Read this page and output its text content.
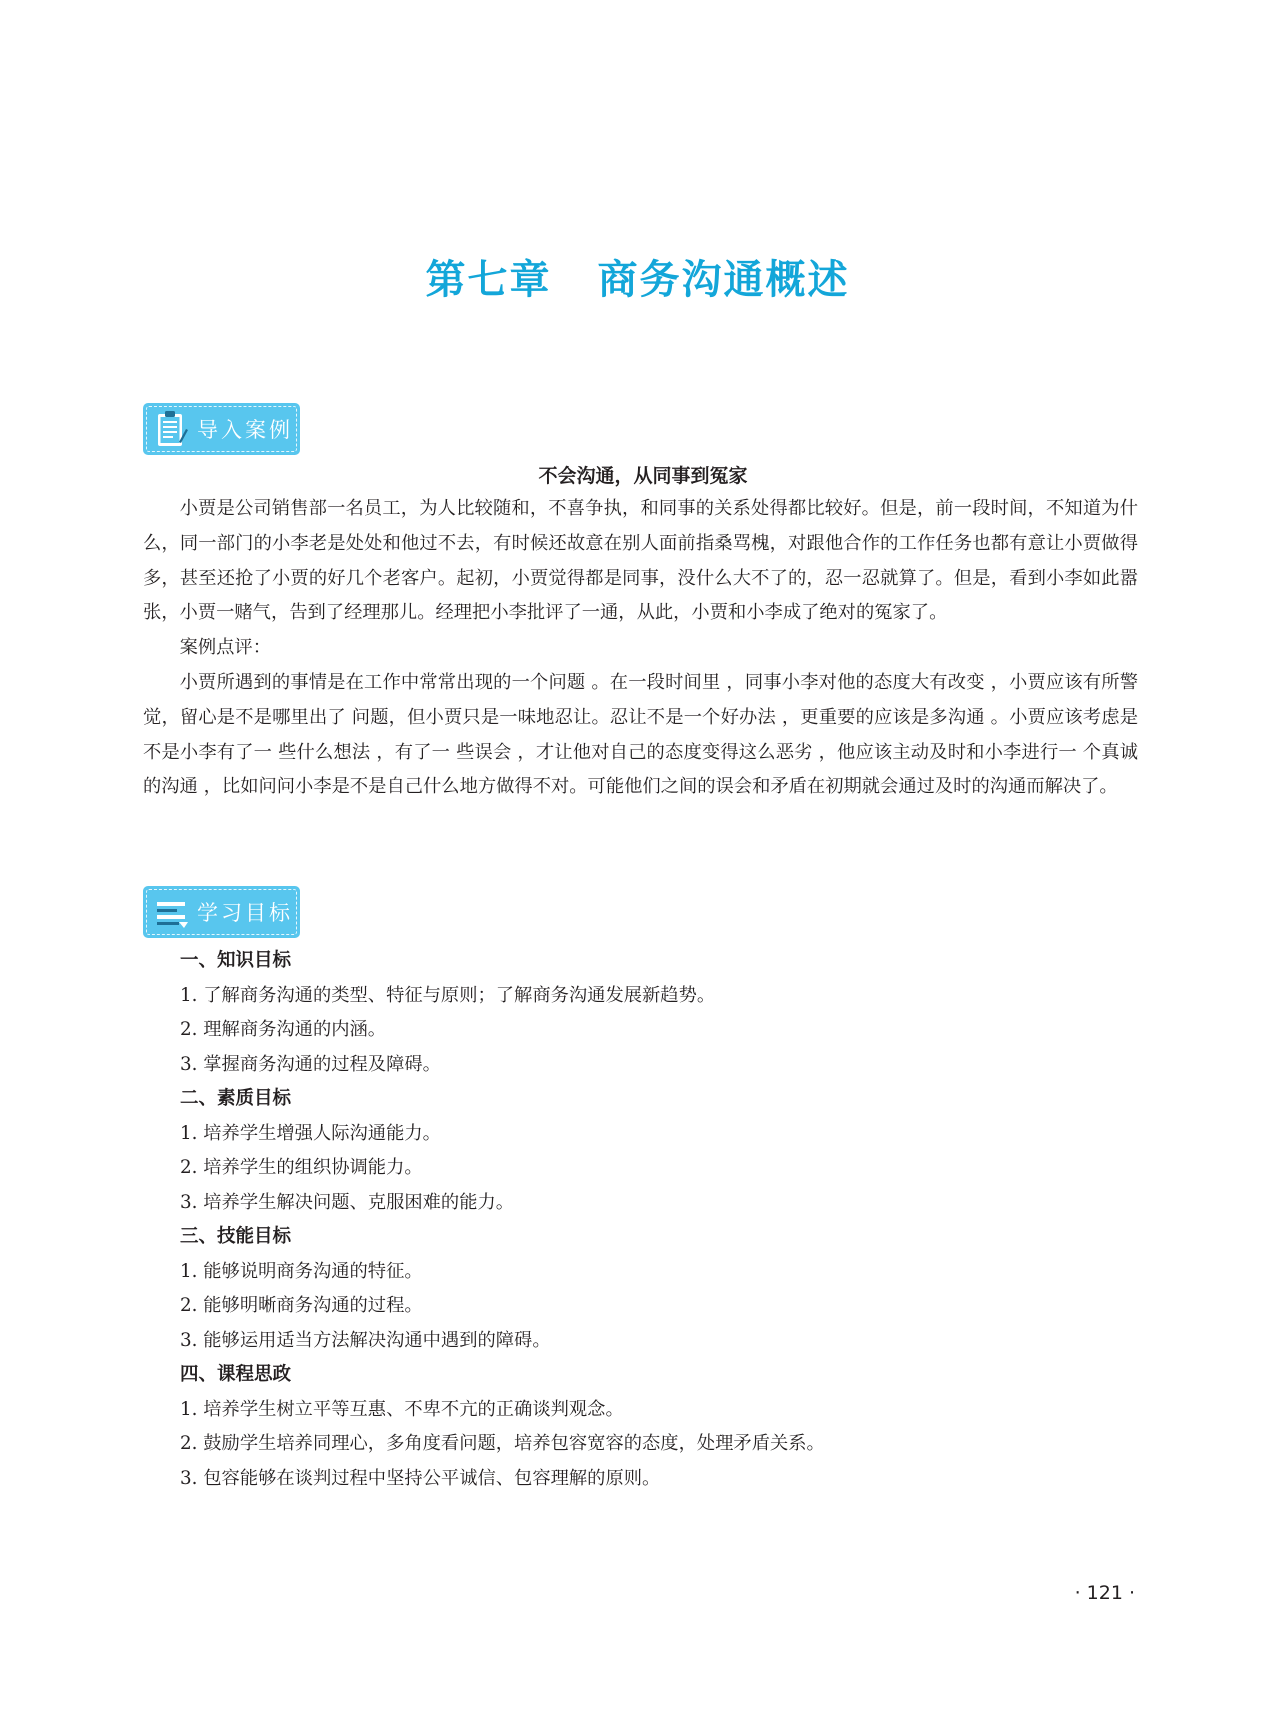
第七章 商务沟通概述
导入案例
不会沟通，从同事到冤家

小贾是公司销售部一名员工，为人比较随和，不喜争执，和同事的关系处得都比较好。但是，前一段时间，不知道为什么，同一部门的小李老是处处和他过不去，有时候还故意在别人面前指桑骂槐，对跟他合作的工作任务也都有意让小贾做得多，甚至还抢了小贾的好几个老客户。起初，小贾觉得都是同事，没什么大不了的，忍一忍就算了。但是，看到小李如此嚣张，小贾一赌气，告到了经理那儿。经理把小李批评了一通，从此，小贾和小李成了绝对的冤家了。

案例点评：

小贾所遇到的事情是在工作中常常出现的一个问题 。在一段时间里 ，同事小李对他的态度大有改变 ，小贾应该有所警觉，留心是不是哪里出了 问题，但小贾只是一味地忍让。忍让不是一个好办法 ，更重要的应该是多沟通 。小贾应该考虑是不是小李有了一 些什么想法 ，有了一 些误会 ，才让他对自己的态度变得这么恶劣 ，他应该主动及时和小李进行一 个真诚的沟通 ，比如问问小李是不是自己什么地方做得不对。可能他们之间的误会和矛盾在初期就会通过及时的沟通而解决了。

学习目标
一、知识目标
1. 了解商务沟通的类型、特征与原则；了解商务沟通发展新趋势。
2. 理解商务沟通的内涵。
3. 掌握商务沟通的过程及障碍。
二、素质目标
1. 培养学生增强人际沟通能力。
2. 培养学生的组织协调能力。
3. 培养学生解决问题、克服困难的能力。
三、技能目标
1. 能够说明商务沟通的特征。
2. 能够明晰商务沟通的过程。
3. 能够运用适当方法解决沟通中遇到的障碍。
四、课程思政
1. 培养学生树立平等互惠、不卑不亢的正确谈判观念。
2. 鼓励学生培养同理心，多角度看问题，培养包容宽容的态度，处理矛盾关系。
3. 包容能够在谈判过程中坚持公平诚信、包容理解的原则。
· 121 ·
